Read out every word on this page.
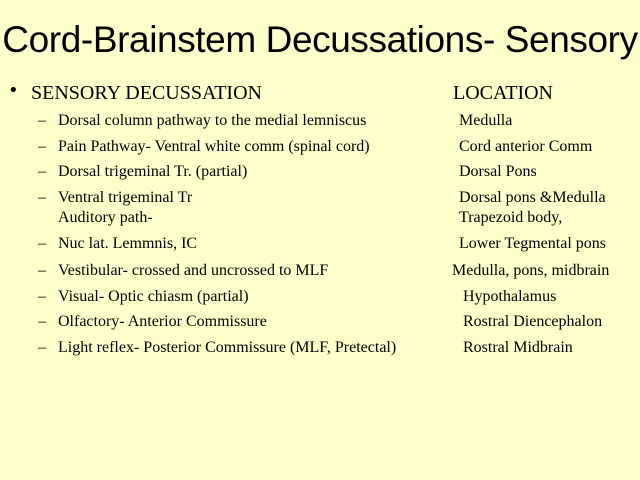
Cord-Brainstem Decussations- Sensory
• SENSORY DECUSSATION	LOCATION
– Dorsal column pathway to the medial lemniscus	Medulla
– Pain Pathway- Ventral white comm (spinal cord)	Cord anterior Comm
– Dorsal trigeminal Tr. (partial)	Dorsal Pons
– Ventral trigeminal Tr	Dorsal pons &Medulla
Auditory path-	Trapezoid body,
– Nuc lat. Lemmnis, IC	Lower Tegmental pons
– Vestibular- crossed and uncrossed to MLF	Medulla, pons, midbrain
– Visual- Optic chiasm (partial)	Hypothalamus
– Olfactory- Anterior Commissure	Rostral Diencephalon
– Light reflex- Posterior Commissure (MLF, Pretectal)	Rostral Midbrain
